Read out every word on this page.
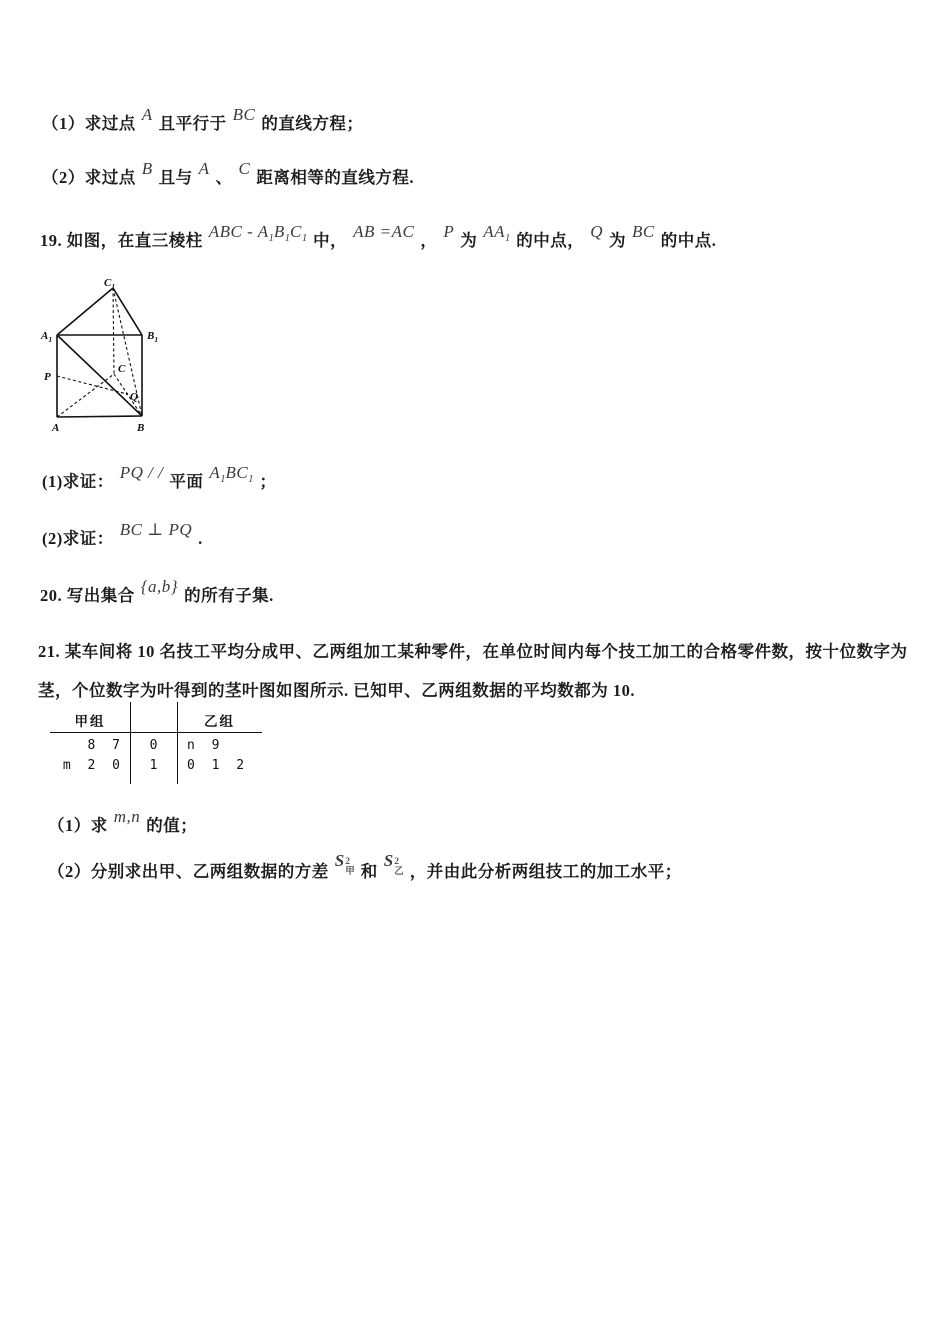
（1）求过点 A 且平行于 BC 的直线方程；
（2）求过点 B 且与 A 、 C 距离相等的直线方程.
19. 如图，在直三棱柱 ABC - $A_1B_1C_1$ 中， AB =AC ， P 为 $AA_1$ 的中点， Q 为 BC 的中点.
$C_1$
$A_1$	$B_1$
P
C
Q
A	B
(1)求证： PQ / / 平面 $A_1BC_1$ ；
(2)求证： BC ⊥ PQ .
20. 写出集合 {a,b} 的所有子集.
21. 某车间将 10 名技工平均分成甲、乙两组加工某种零件，在单位时间内每个技工加工的合格零件数，按十位数字为
茎，个位数字为叶得到的茎叶图如图所示. 已知甲、乙两组数据的平均数都为 10.
甲组	乙组
8 7	0	n 9
m 2 0	1	0 1 2
（1）求 m,n 的值；
（2）分别求出甲、乙两组数据的方差S 2
甲 和S 2
乙 ，并由此分析两组技工的加工水平；
